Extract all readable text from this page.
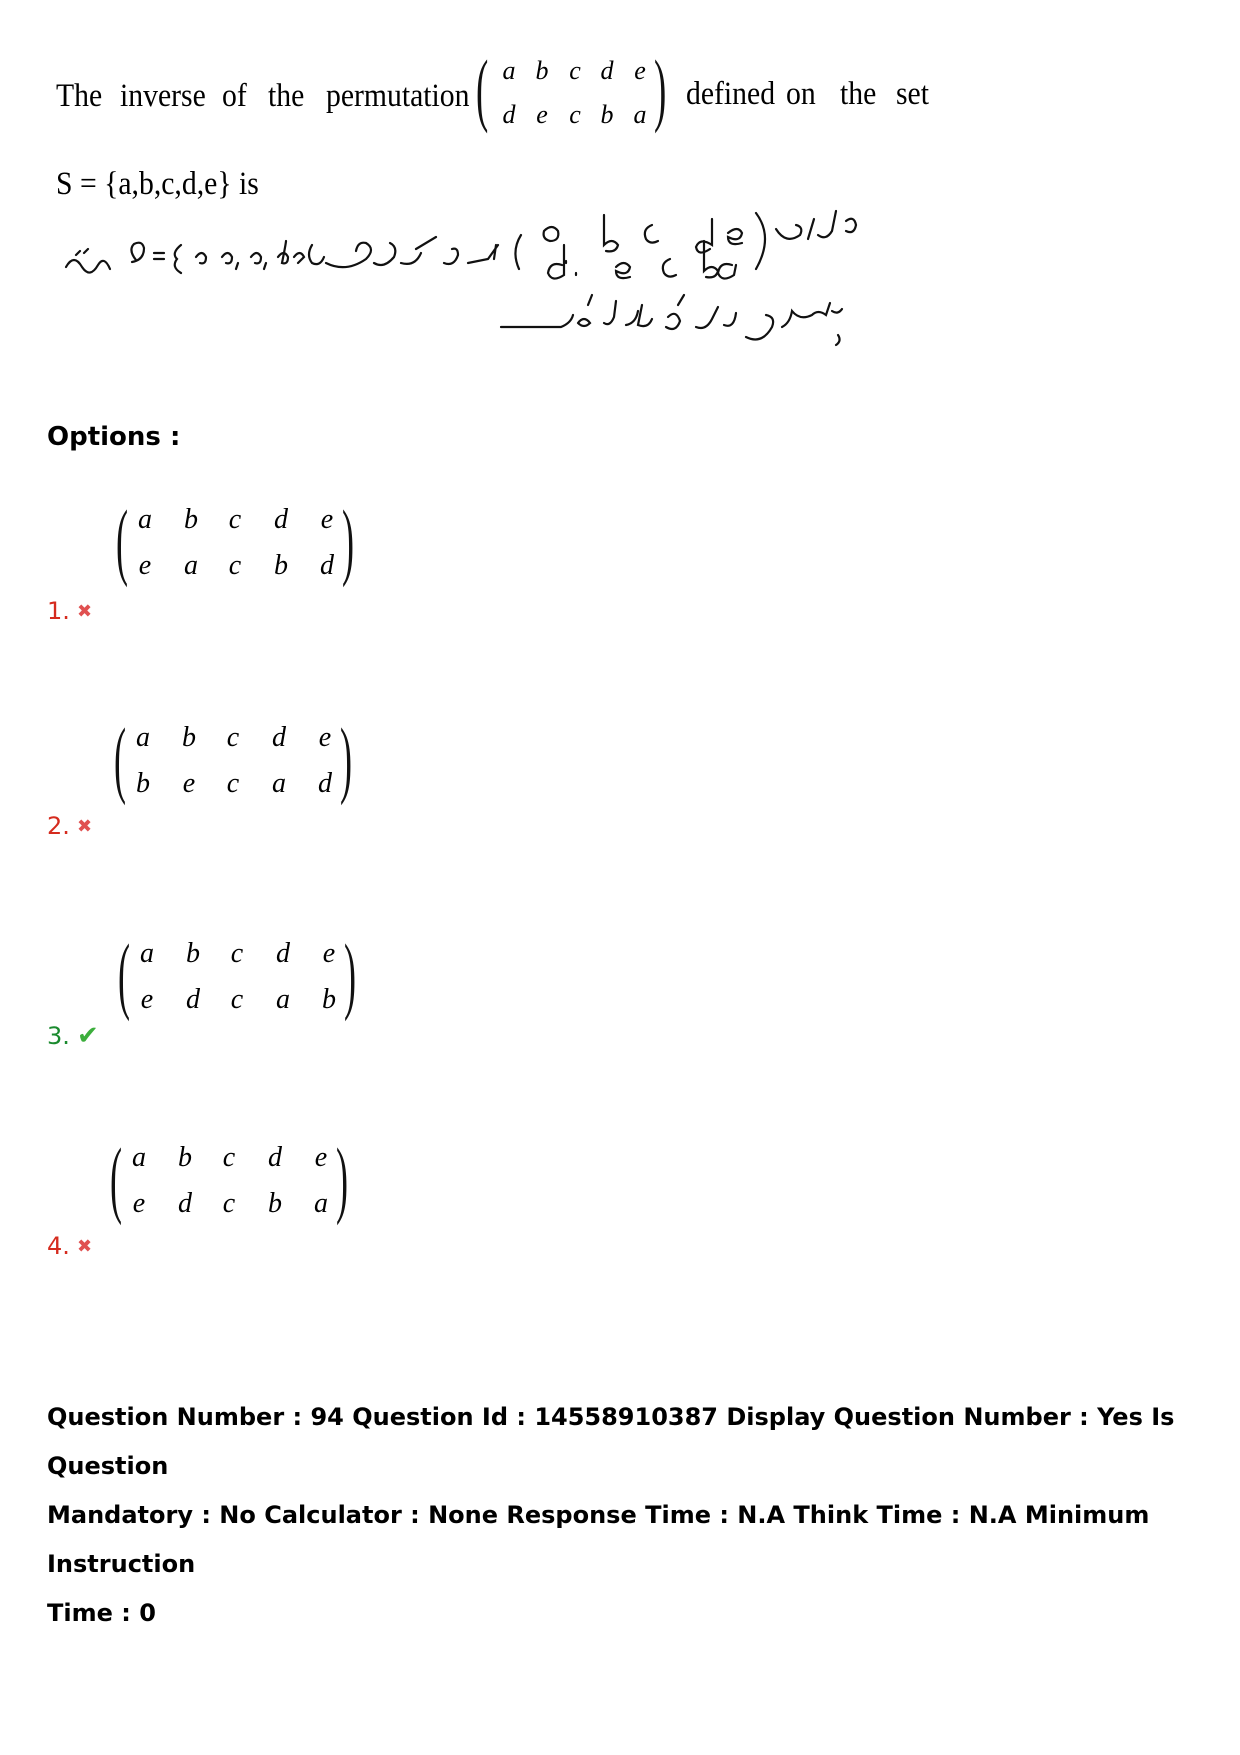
The inverse of the permutation ( a b c d e
d e c b a ) defined on the set
S = {a,b,c,d,e} is
Options :
( a b	c	d	e
e	a	c	b d )
1. ✖
( a b	c	d	e
b	e	c	a d )
2. ✖
( a b	c	d	e
e	d	c	a b )
3. ✔
( a b	c	d	e
e	d	c	b a )
4. ✖
Question Number : 94 Question Id : 14558910387 Display Question Number : Yes Is Question
Mandatory : No Calculator : None Response Time : N.A Think Time : N.A Minimum Instruction
Time : 0
